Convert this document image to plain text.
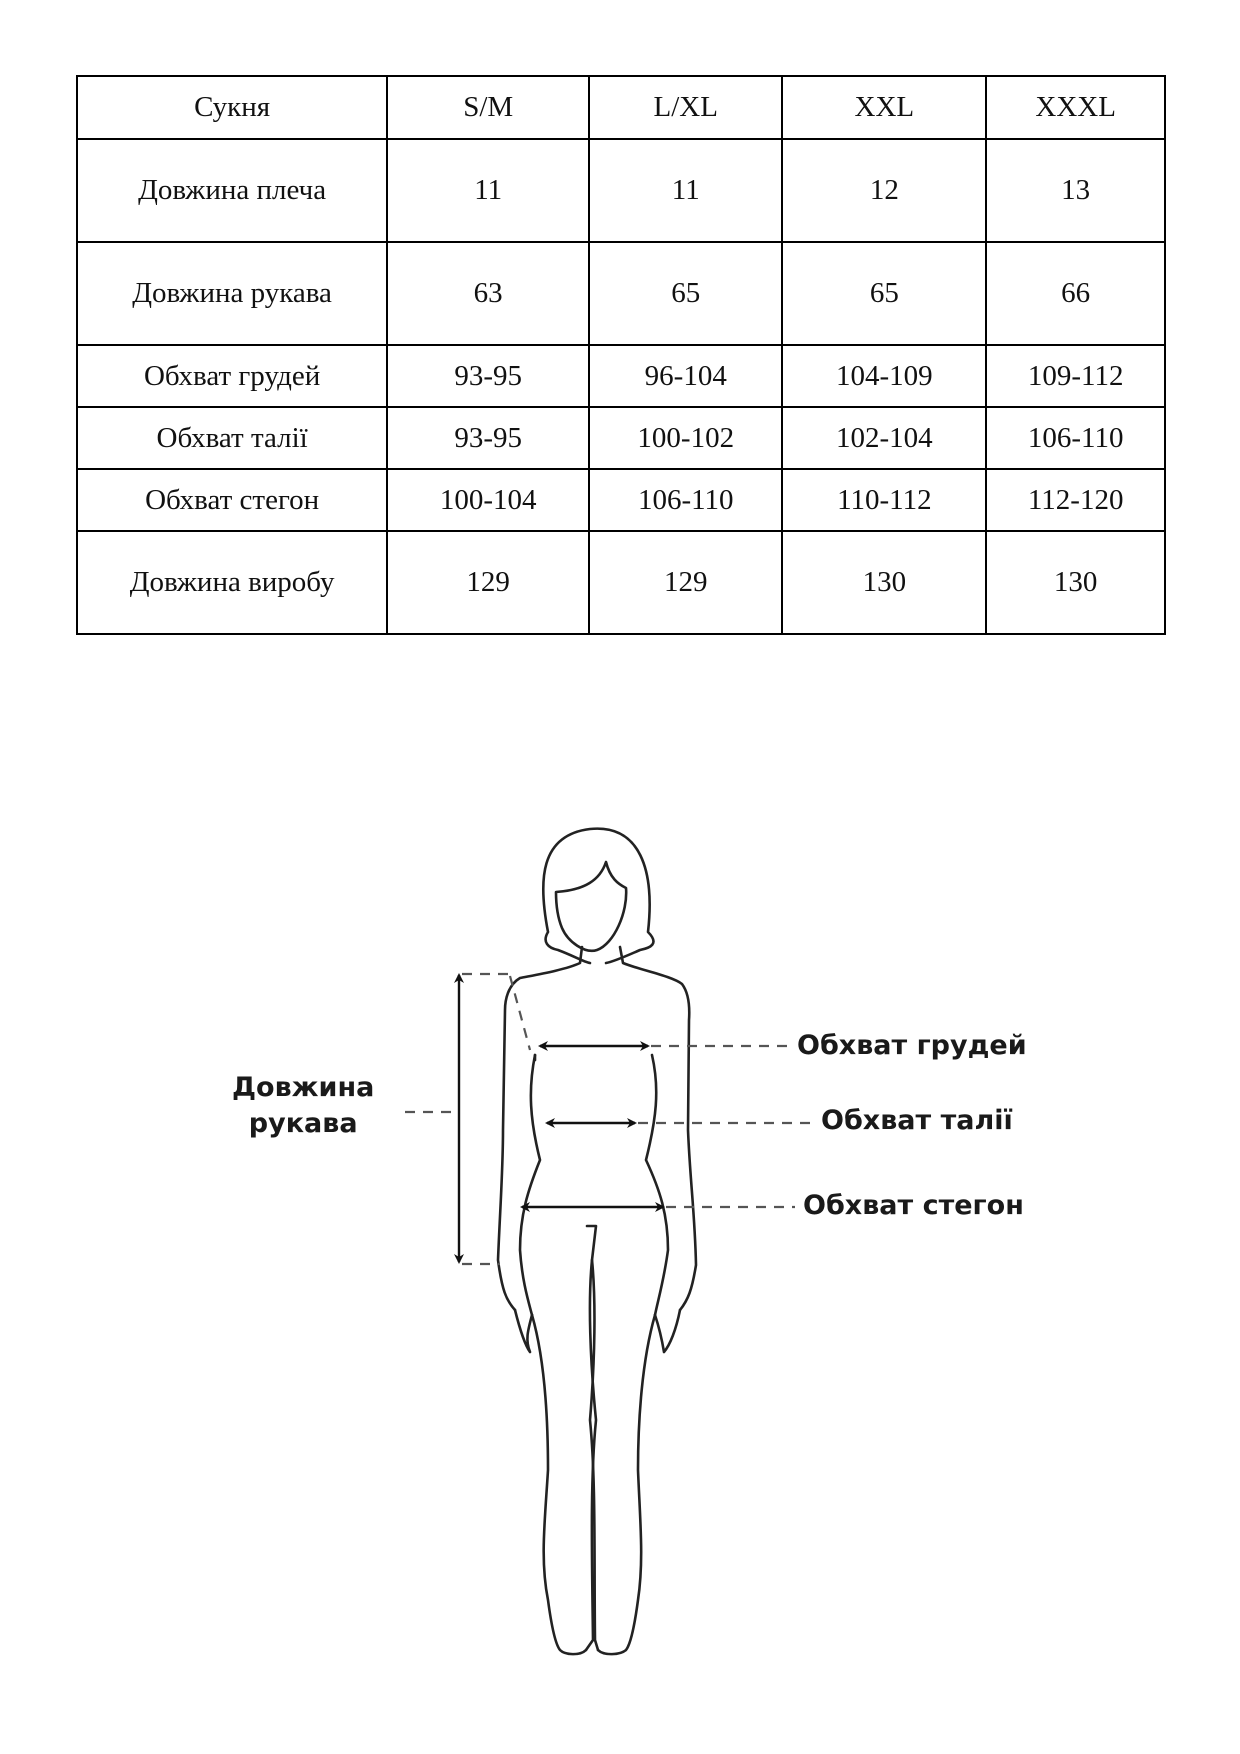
Сукня	S/M	L/XL	XXL	XXXL
Довжина плеча	11	11	12	13
Довжина рукава	63	65	65	66
Обхват грудей	93-95	96-104	104-109	109-112
Обхват талії	93-95	100-102	102-104	106-110
Обхват стегон	100-104	106-110	110-112	112-120
Довжина виробу	129	129	130	130
Довжина
рукава
Обхват грудей
Обхват талії
Обхват стегон
